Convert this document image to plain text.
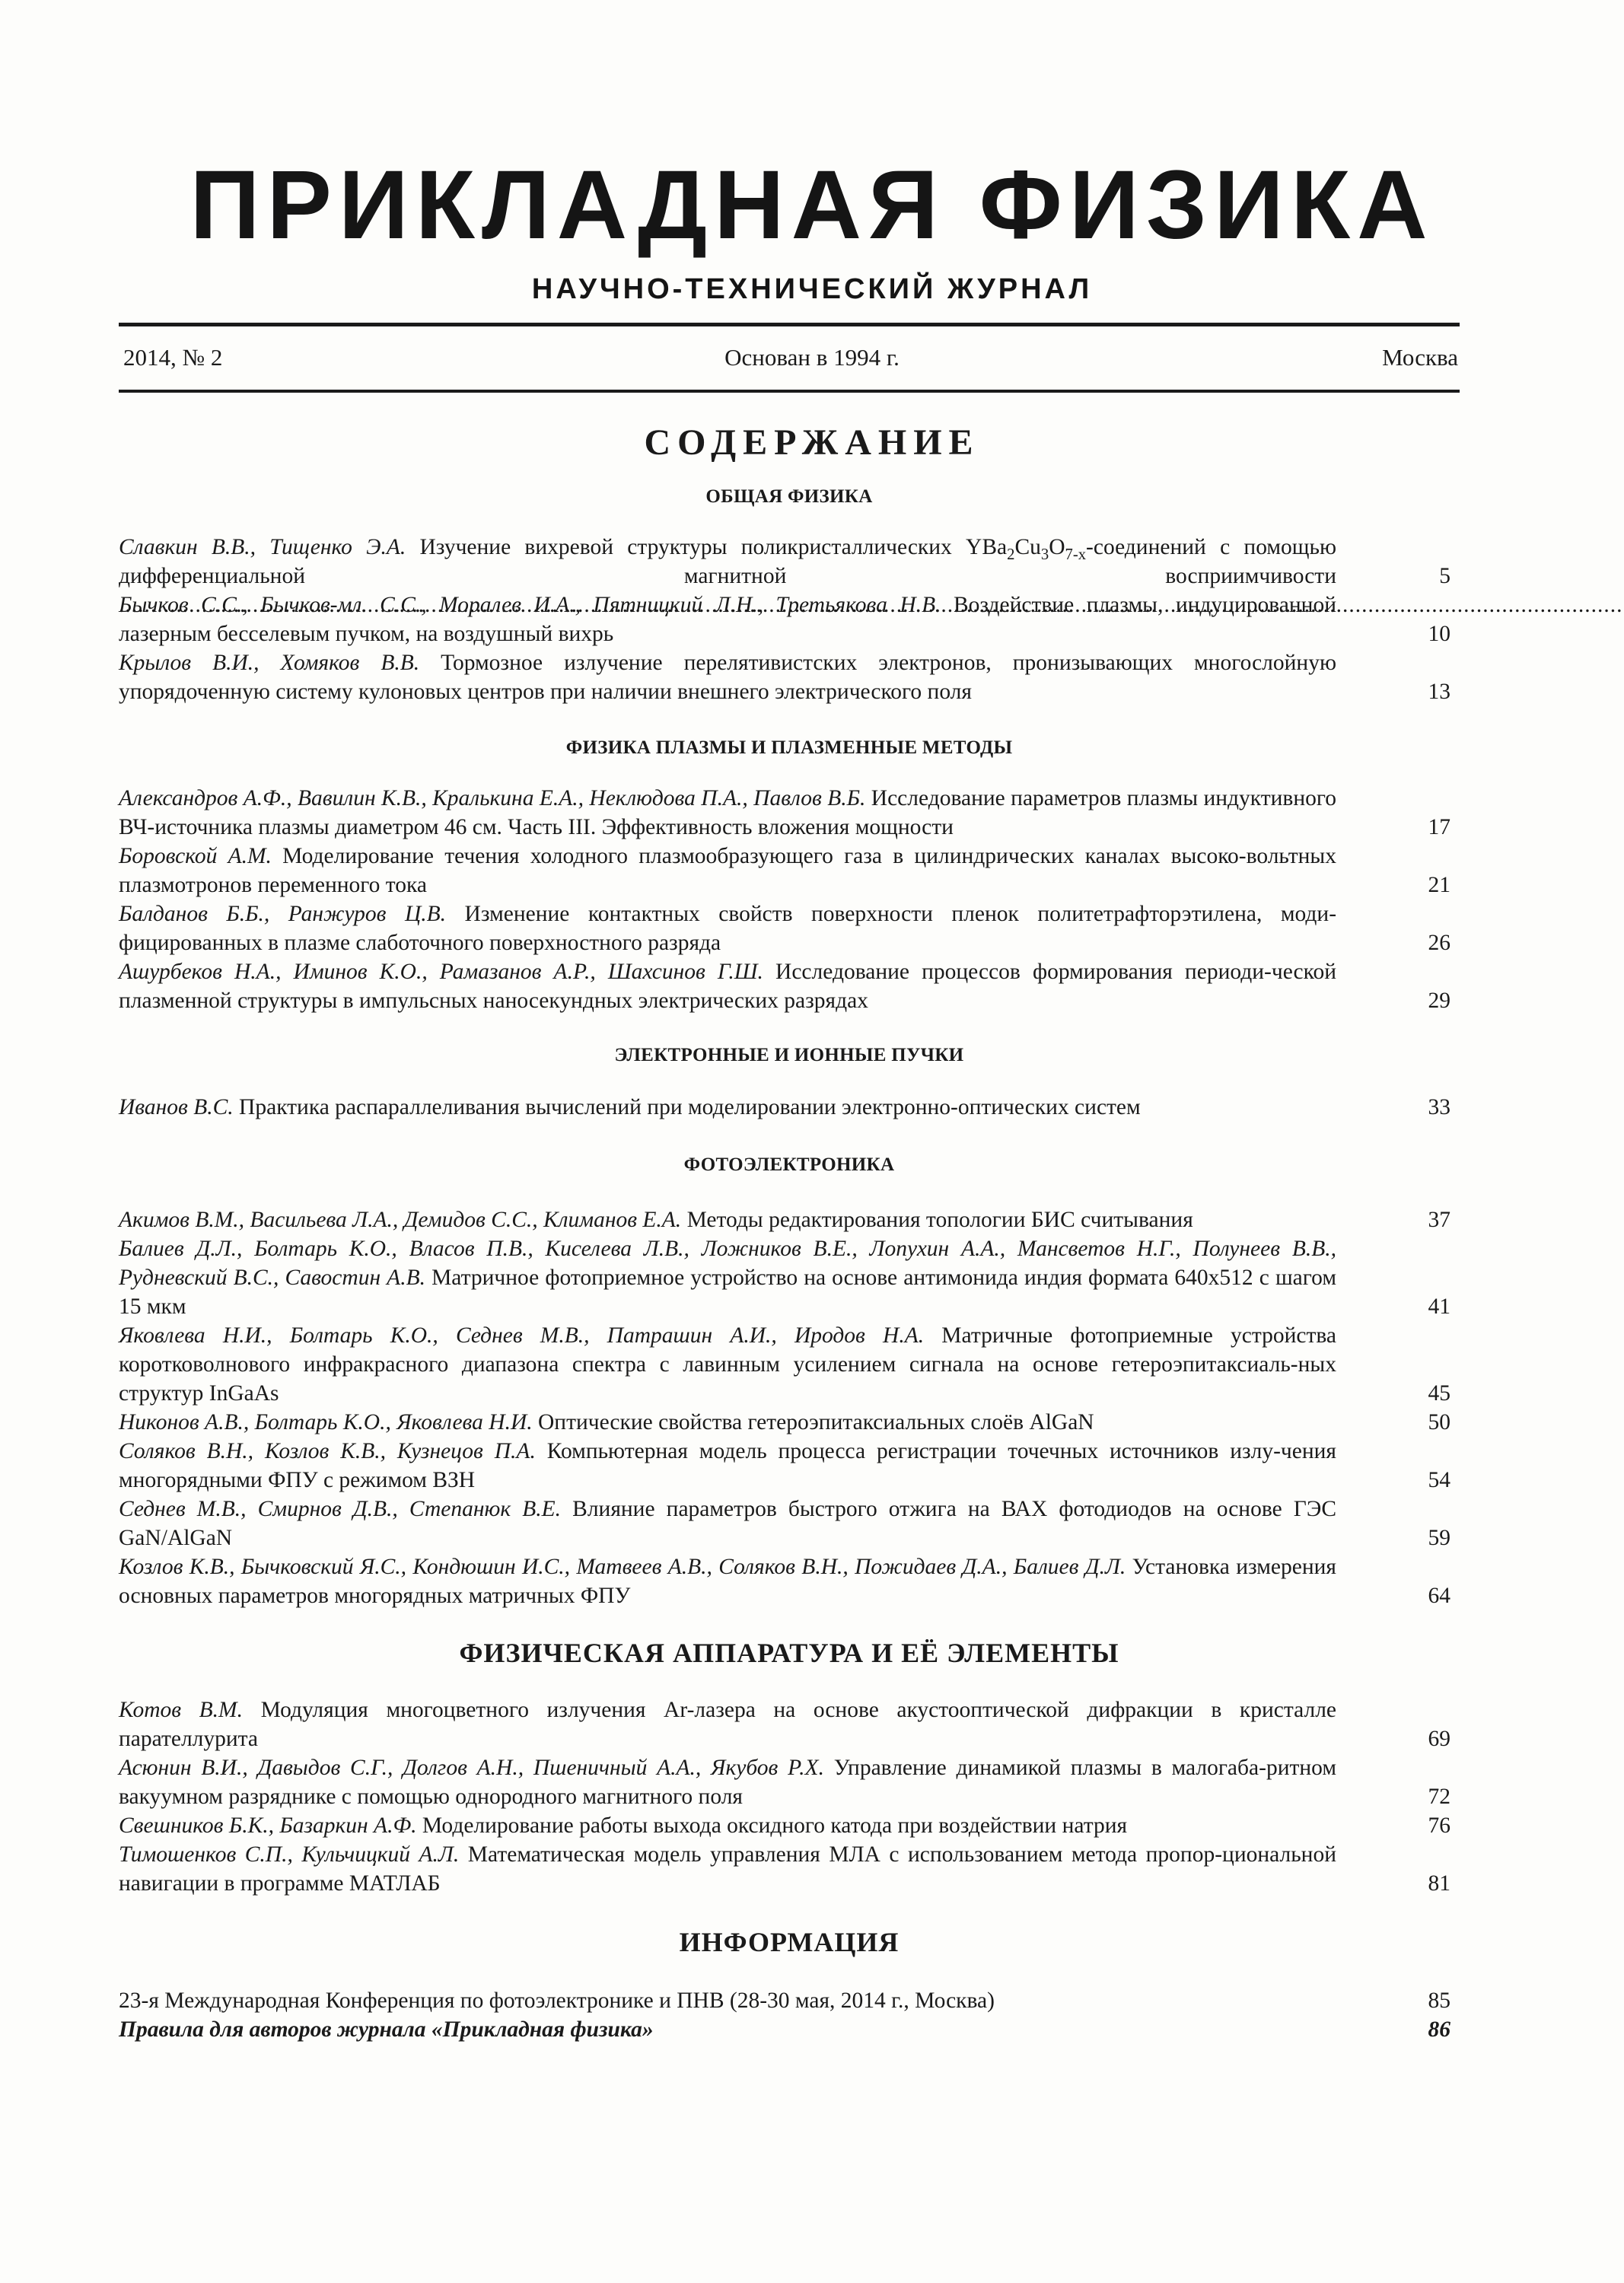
ПРИКЛАДНАЯ ФИЗИКА
НАУЧНО-ТЕХНИЧЕСКИЙ ЖУРНАЛ
2014, № 2	Основан в 1994 г.	Москва
СОДЕРЖАНИЕ
ОБЩАЯ ФИЗИКА
Славкин В.В., Тищенко Э.А. Изучение вихревой структуры поликристаллических $YBa_2Cu_3O_{7-x}$-соединений с помощью дифференциальной магнитной восприимчивости .....	5
Бычков С.С., Бычков-мл. С.С., Моралев И.А., Пятницкий Л.Н., Третьякова Н.В. Воздействие плазмы, индуцированной лазерным бесселевым пучком, на воздушный вихрь	10
Крылов В.И., Хомяков В.В. Тормозное излучение перелятивистских электронов, пронизывающих многослойную упорядоченную систему кулоновых центров при наличии внешнего электрического поля	13
ФИЗИКА ПЛАЗМЫ И ПЛАЗМЕННЫЕ МЕТОДЫ
Александров А.Ф., Вавилин К.В., Кралькина Е.А., Неклюдова П.А., Павлов В.Б. Исследование параметров плазмы индуктивного ВЧ-источника плазмы диаметром 46 см. Часть III. Эффективность вложения мощности	17
Боровской А.М. Моделирование течения холодного плазмообразующего газа в цилиндрических каналах высоко-вольтных плазмотронов переменного тока	21
Балданов Б.Б., Ранжуров Ц.В. Изменение контактных свойств поверхности пленок политетрафторэтилена, моди-фицированных в плазме слаботочного поверхностного разряда	26
Ашурбеков Н.А., Иминов К.О., Рамазанов А.Р., Шахсинов Г.Ш. Исследование процессов формирования периоди-ческой плазменной структуры в импульсных наносекундных электрических разрядах	29
ЭЛЕКТРОННЫЕ И ИОННЫЕ ПУЧКИ
Иванов В.С. Практика распараллеливания вычислений при моделировании электронно-оптических систем	33
ФОТОЭЛЕКТРОНИКА
Акимов В.М., Васильева Л.А., Демидов С.С., Климанов Е.А. Методы редактирования топологии БИС считывания	37
Балиев Д.Л., Болтарь К.О., Власов П.В., Киселева Л.В., Ложников В.Е., Лопухин А.А., Мансветов Н.Г., Полунеев В.В., Рудневский В.С., Савостин А.В. Матричное фотоприемное устройство на основе антимонида индия формата 640х512 с шагом 15 мкм	41
Яковлева Н.И., Болтарь К.О., Седнев М.В., Патрашин А.И., Иродов Н.А. Матричные фотоприемные устройства коротковолнового инфракрасного диапазона спектра с лавинным усилением сигнала на основе гетероэпитаксиаль-ных структур InGaAs	45
Никонов А.В., Болтарь К.О., Яковлева Н.И. Оптические свойства гетероэпитаксиальных слоёв AlGaN	50
Соляков В.Н., Козлов К.В., Кузнецов П.А. Компьютерная модель процесса регистрации точечных источников излу-чения многорядными ФПУ с режимом ВЗН	54
Седнев М.В., Смирнов Д.В., Степанюк В.Е. Влияние параметров быстрого отжига на ВАХ фотодиодов на основе ГЭС GaN/AlGaN	59
Козлов К.В., Бычковский Я.С., Кондюшин И.С., Матвеев А.В., Соляков В.Н., Пожидаев Д.А., Балиев Д.Л. Установка измерения основных параметров многорядных матричных ФПУ	64
ФИЗИЧЕСКАЯ АППАРАТУРА И ЕЁ ЭЛЕМЕНТЫ
Котов В.М. Модуляция многоцветного излучения Ar-лазера на основе акустооптической дифракции в кристалле парателлурита	69
Асюнин В.И., Давыдов С.Г., Долгов А.Н., Пшеничный А.А., Якубов Р.Х. Управление динамикой плазмы в малогаба-ритном вакуумном разряднике с помощью однородного магнитного поля	72
Свешников Б.К., Базаркин А.Ф. Моделирование работы выхода оксидного катода при воздействии натрия	76
Тимошенков С.П., Кульчицкий А.Л. Математическая модель управления МЛА с использованием метода пропор-циональной навигации в программе МАТЛАБ	81
ИНФОРМАЦИЯ
23-я Международная Конференция по фотоэлектронике и ПНВ (28-30 мая, 2014 г., Москва)	85
Правила для авторов журнала «Прикладная физика»	86
